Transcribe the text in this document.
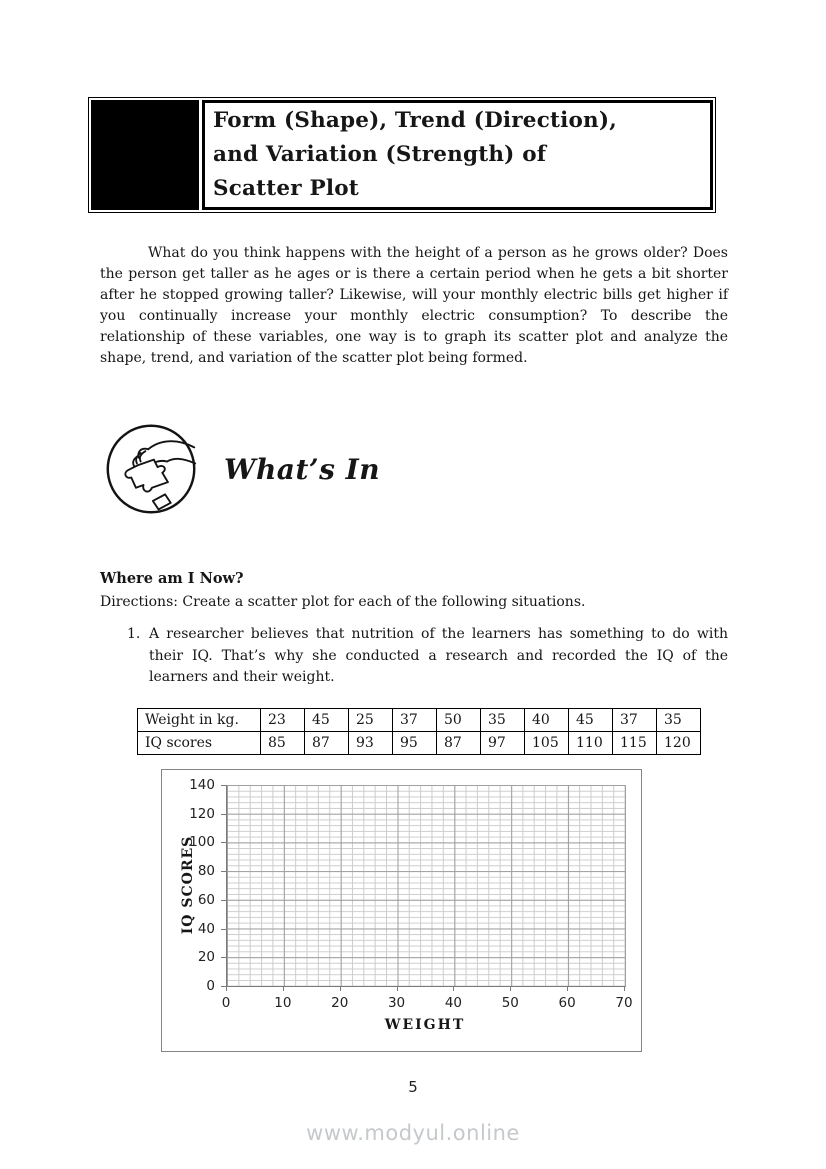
Form (Shape), Trend (Direction),
and Variation (Strength) of
Scatter Plot
What do you think happens with the height of a person as he grows older? Does the person get taller as he ages or is there a certain period when he gets a bit shorter after he stopped growing taller? Likewise, will your monthly electric bills get higher if you continually increase your monthly electric consumption? To describe the relationship of these variables, one way is to graph its scatter plot and analyze the shape, trend, and variation of the scatter plot being formed.
What’s In
Where am I Now?
Directions: Create a scatter plot for each of the following situations.
1. A researcher believes that nutrition of the learners has something to do with their IQ. That’s why she conducted a research and recorded the IQ of the learners and their weight.
Weight in kg.	23	45	25	37	50	35	40	45	37	35
IQ scores	85	87	93	95	87	97	105	110	115	120
WEIGHT
IQ SCORES
0	10	20	30	40	50	60	70
0
20
40
60
80
100
120
140
5
www.modyul.online
